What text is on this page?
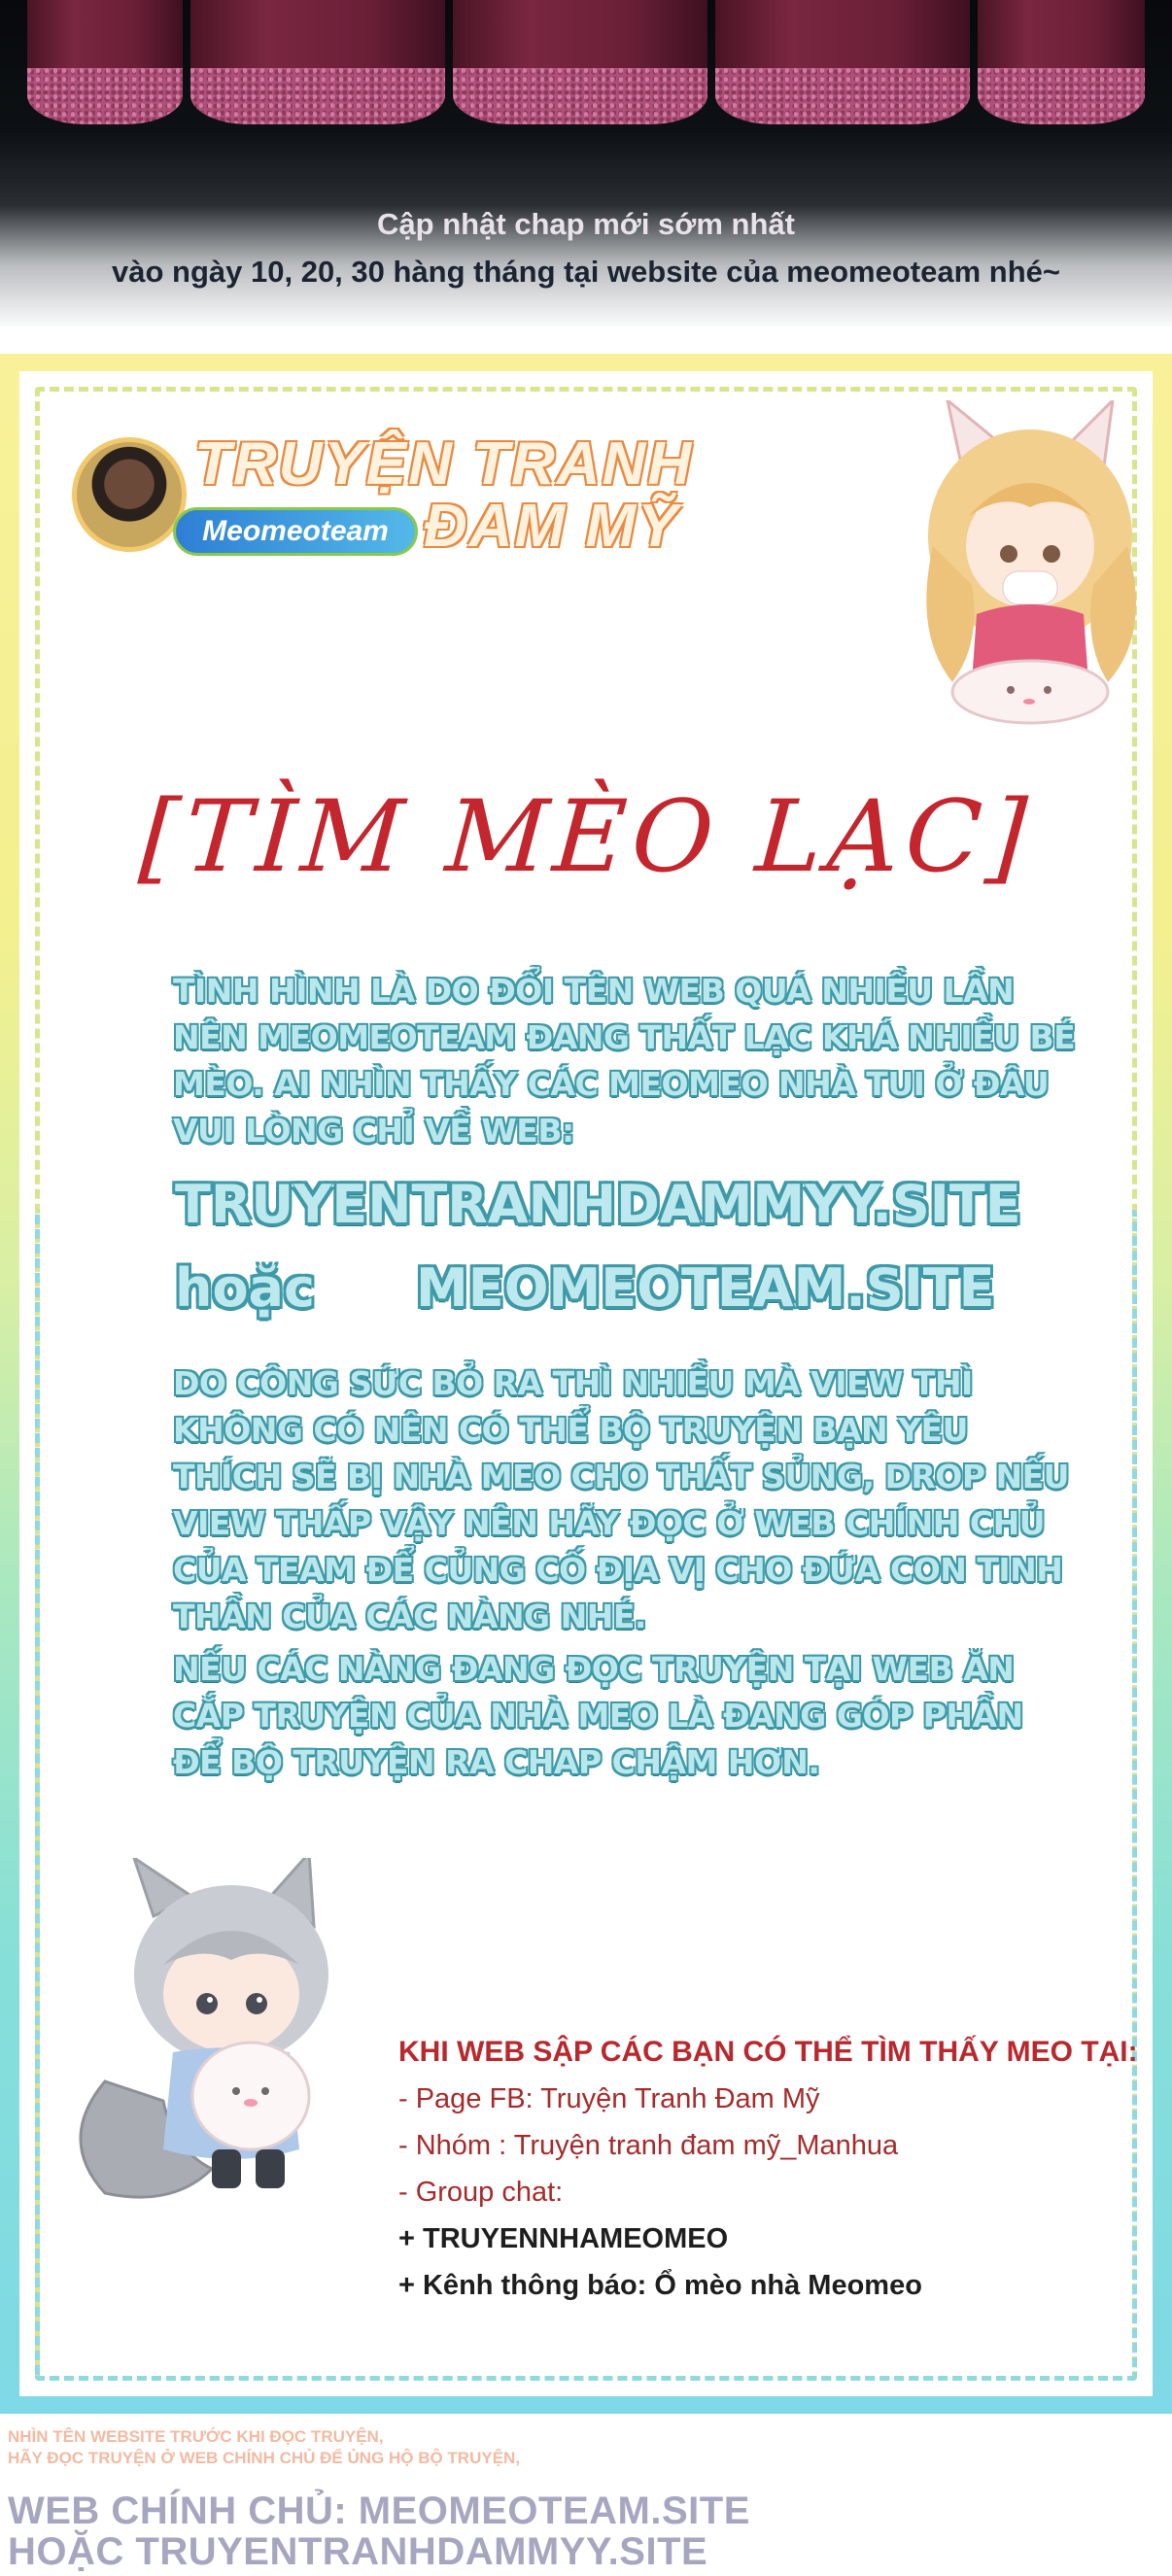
Cập nhật chap mới sớm nhất
vào ngày 10, 20, 30 hàng tháng tại website của meomeoteam nhé~
TRUYỆN TRANH
ĐAM MỸ
Meomeoteam
[TÌM MÈO LẠC]
TÌNH HÌNH LÀ DO ĐỔI TÊN WEB QUÁ NHIỀU LẦN NÊN MEOMEOTEAM ĐANG THẤT LẠC KHÁ NHIỀU BÉ MÈO. AI NHÌN THẤY CÁC MEOMEO NHÀ TUI Ở ĐÂU VUI LÒNG CHỈ VỀ WEB:
TRUYENTRANHDAMMYY.SITE
hoặc MEOMEOTEAM.SITE
DO CÔNG SỨC BỎ RA THÌ NHIỀU MÀ VIEW THÌ KHÔNG CÓ NÊN CÓ THỂ BỘ TRUYỆN BẠN YÊU THÍCH SẼ BỊ NHÀ MEO CHO THẤT SỦNG, DROP NẾU VIEW THẤP VẬY NÊN HÃY ĐỌC Ở WEB CHÍNH CHỦ CỦA TEAM ĐỂ CỦNG CỐ ĐỊA VỊ CHO ĐỨA CON TINH THẦN CỦA CÁC NÀNG NHÉ.
NẾU CÁC NÀNG ĐANG ĐỌC TRUYỆN TẠI WEB ĂN CẮP TRUYỆN CỦA NHÀ MEO LÀ ĐANG GÓP PHẦN ĐỂ BỘ TRUYỆN RA CHAP CHẬM HƠN.
KHI WEB SẬP CÁC BẠN CÓ THỂ TÌM THẤY MEO TẠI:
- Page FB: Truyện Tranh Đam Mỹ
- Nhóm : Truyện tranh đam mỹ_Manhua
- Group chat:
+ TRUYENNHAMEOMEO
+ Kênh thông báo: Ổ mèo nhà Meomeo
NHÌN TÊN WEBSITE TRƯỚC KHI ĐỌC TRUYỆN,
HÃY ĐỌC TRUYỆN Ở WEB CHÍNH CHỦ ĐỂ ỦNG HỘ BỘ TRUYỆN,
WEB CHÍNH CHỦ: MEOMEOTEAM.SITE
HOẶC TRUYENTRANHDAMMYY.SITE
